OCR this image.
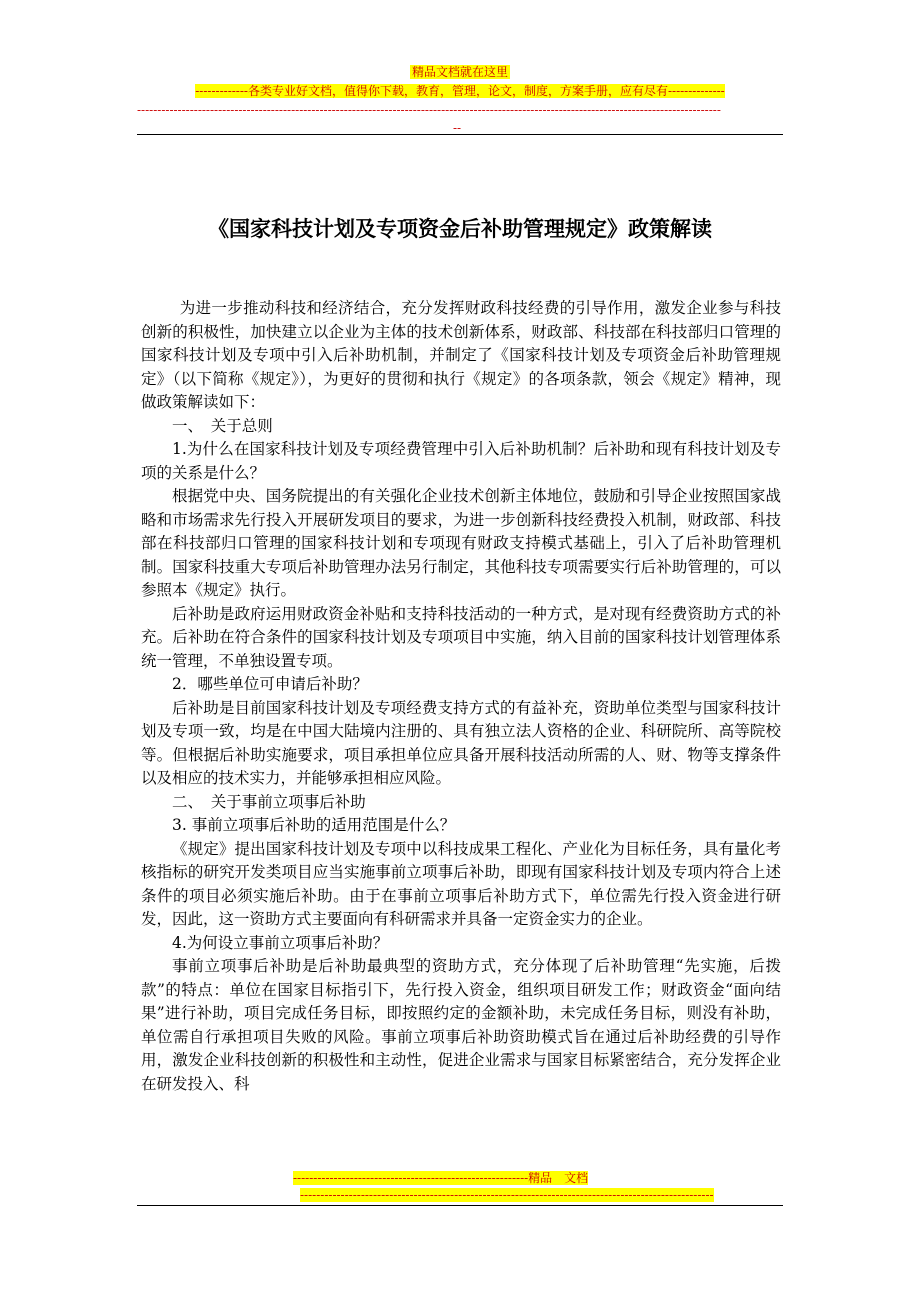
精品文档就在这里
-------------各类专业好文档，值得你下载，教育，管理，论文，制度，方案手册，应有尽有--------------
------------------------------------------------------------------------------------------------------------------------------------------------
--
《国家科技计划及专项资金后补助管理规定》政策解读

为进一步推动科技和经济结合，充分发挥财政科技经费的引导作用，激发企业参与科技创新的积极性，加快建立以企业为主体的技术创新体系，财政部、科技部在科技部归口管理的国家科技计划及专项中引入后补助机制，并制定了《国家科技计划及专项资金后补助管理规定》（以下简称《规定》），为更好的贯彻和执行《规定》的各项条款，领会《规定》精神，现做政策解读如下：

一、　关于总则

1.为什么在国家科技计划及专项经费管理中引入后补助机制？后补助和现有科技计划及专项的关系是什么？

根据党中央、国务院提出的有关强化企业技术创新主体地位，鼓励和引导企业按照国家战略和市场需求先行投入开展研发项目的要求，为进一步创新科技经费投入机制，财政部、科技部在科技部归口管理的国家科技计划和专项现有财政支持模式基础上，引入了后补助管理机制。国家科技重大专项后补助管理办法另行制定，其他科技专项需要实行后补助管理的，可以参照本《规定》执行。

后补助是政府运用财政资金补贴和支持科技活动的一种方式，是对现有经费资助方式的补充。后补助在符合条件的国家科技计划及专项项目中实施，纳入目前的国家科技计划管理体系统一管理，不单独设置专项。

2．哪些单位可申请后补助？

后补助是目前国家科技计划及专项经费支持方式的有益补充，资助单位类型与国家科技计划及专项一致，均是在中国大陆境内注册的、具有独立法人资格的企业、科研院所、高等院校等。但根据后补助实施要求，项目承担单位应具备开展科技活动所需的人、财、物等支撑条件以及相应的技术实力，并能够承担相应风险。

二、　关于事前立项事后补助

3. 事前立项事后补助的适用范围是什么？

《规定》提出国家科技计划及专项中以科技成果工程化、产业化为目标任务，具有量化考核指标的研究开发类项目应当实施事前立项事后补助，即现有国家科技计划及专项内符合上述条件的项目必须实施后补助。由于在事前立项事后补助方式下，单位需先行投入资金进行研发，因此，这一资助方式主要面向有科研需求并具备一定资金实力的企业。

4.为何设立事前立项事后补助？

事前立项事后补助是后补助最典型的资助方式，充分体现了后补助管理“先实施，后拨款”的特点：单位在国家目标指引下，先行投入资金，组织项目研发工作；财政资金“面向结果”进行补助，项目完成任务目标，即按照约定的金额补助，未完成任务目标，则没有补助，单位需自行承担项目失败的风险。事前立项事后补助资助模式旨在通过后补助经费的引导作用，激发企业科技创新的积极性和主动性，促进企业需求与国家目标紧密结合，充分发挥企业在研发投入、科

----------------------------------------------------------精品　文档
------------------------------------------------------------------------------------------------------
